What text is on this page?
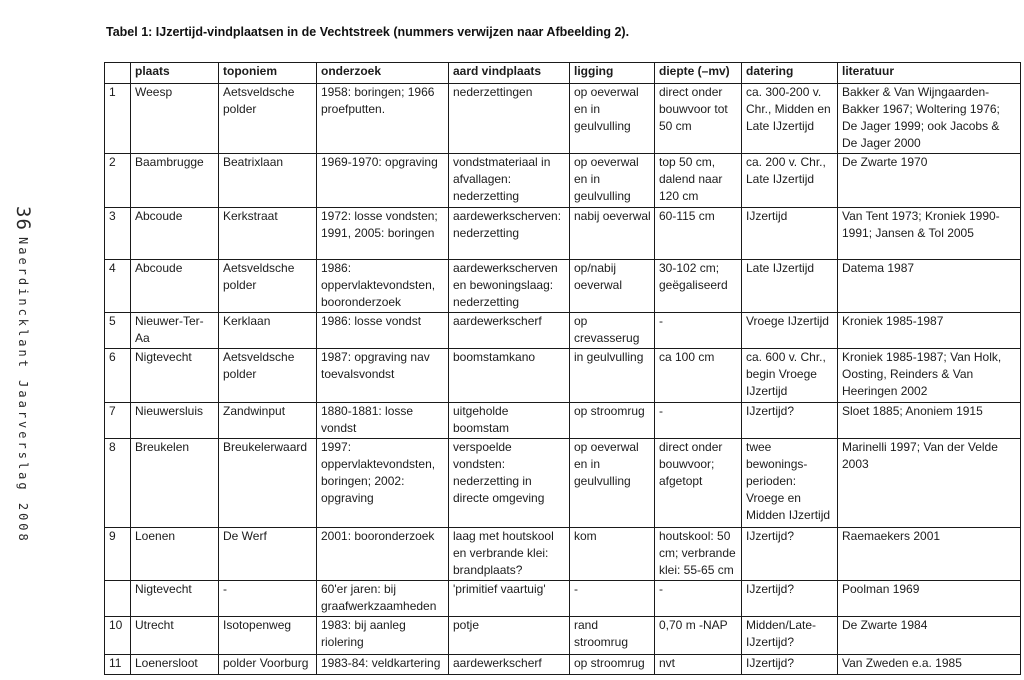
36 Naerdincklant Jaarverslag 2008
Tabel 1: IJzertijd-vindplaatsen in de Vechtstreek (nummers verwijzen naar Afbeelding 2).
	plaats	toponiem	onderzoek	aard vindplaats	ligging	diepte (–mv)	datering	literatuur
1	Weesp	Aetsveldsche polder	1958: boringen; 1966 proefputten.	nederzettingen	op oeverwal en in geulvulling	direct onder bouwvoor tot 50 cm	ca. 300-200 v. Chr., Midden en Late IJzertijd	Bakker & Van Wijngaarden-Bakker 1967; Woltering 1976; De Jager 1999; ook Jacobs & De Jager 2000
2	Baambrugge	Beatrixlaan	1969-1970: opgraving	vondstmateriaal in afvallagen: nederzetting	op oeverwal en in geulvulling	top 50 cm, dalend naar 120 cm	ca. 200 v. Chr., Late IJzertijd	De Zwarte 1970
3	Abcoude	Kerkstraat	1972: losse vondsten; 1991, 2005: boringen	aardewerkscherven: nederzetting	nabij oeverwal	60-115 cm	IJzertijd	Van Tent 1973; Kroniek 1990-1991; Jansen & Tol 2005
4	Abcoude	Aetsveldsche polder	1986: oppervlaktevondsten, booronderzoek	aardewerkscherven en bewoningslaag: nederzetting	op/nabij oeverwal	30-102 cm; geëgaliseerd	Late IJzertijd	Datema 1987
5	Nieuwer-Ter-Aa	Kerklaan	1986: losse vondst	aardewerkscherf	op crevasserug	-	Vroege IJzertijd	Kroniek 1985-1987
6	Nigtevecht	Aetsveldsche polder	1987: opgraving nav toevalsvondst	boomstamkano	in geulvulling	ca 100 cm	ca. 600 v. Chr., begin Vroege IJzertijd	Kroniek 1985-1987; Van Holk, Oosting, Reinders & Van Heeringen 2002
7	Nieuwersluis	Zandwinput	1880-1881: losse vondst	uitgeholde boomstam	op stroomrug	-	IJzertijd?	Sloet 1885; Anoniem 1915
8	Breukelen	Breukelerwaard	1997: oppervlaktevondsten, boringen; 2002: opgraving	verspoelde vondsten: nederzetting in directe omgeving	op oeverwal en in geulvulling	direct onder bouwvoor; afgetopt	twee bewonings-perioden: Vroege en Midden IJzertijd	Marinelli 1997; Van der Velde 2003
9	Loenen	De Werf	2001: booronderzoek	laag met houtskool en verbrande klei: brandplaats?	kom	houtskool: 50 cm; verbrande klei: 55-65 cm	IJzertijd?	Raemaekers 2001
	Nigtevecht	-	60'er jaren: bij graafwerkzaamheden	'primitief vaartuig'	-	-	IJzertijd?	Poolman 1969
10	Utrecht	Isotopenweg	1983: bij aanleg riolering	potje	rand stroomrug	0,70 m -NAP	Midden/Late-IJzertijd?	De Zwarte 1984
11	Loenersloot	polder Voorburg	1983-84: veldkartering	aardewerkscherf	op stroomrug	nvt	IJzertijd?	Van Zweden e.a. 1985
